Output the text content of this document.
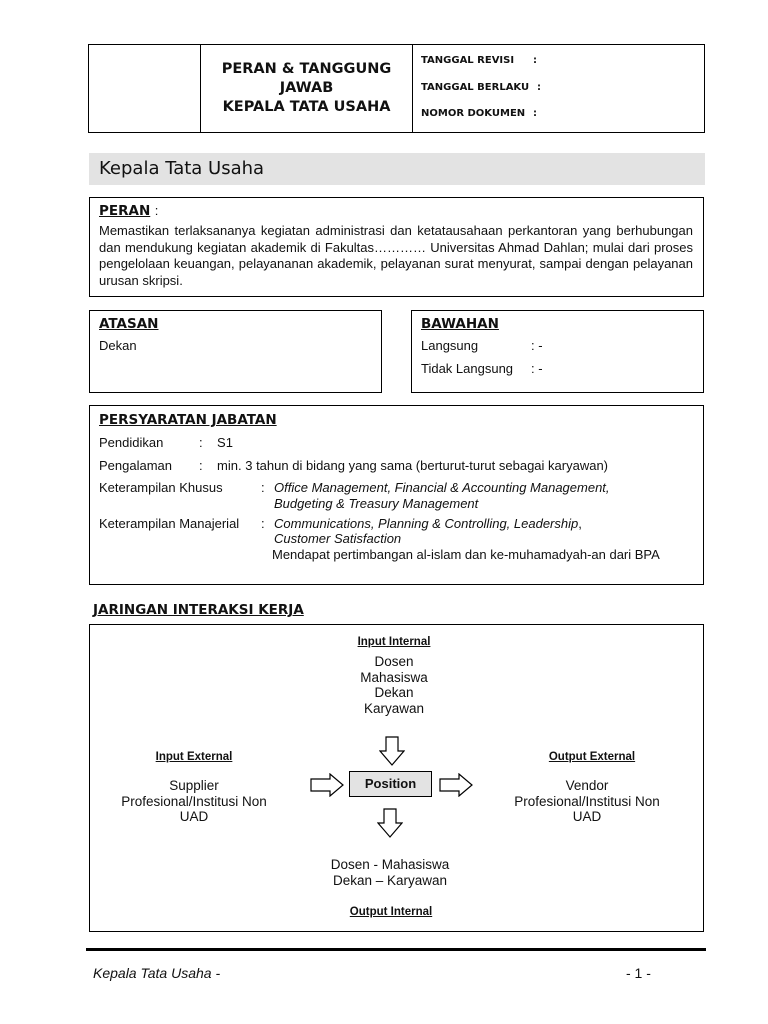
PERAN & TANGGUNG
JAWAB
KEPALA TATA USAHA
TANGGAL REVISI	:
TANGGAL BERLAKU :
NOMOR DOKUMEN :
Kepala Tata Usaha
PERAN :
Memastikan terlaksananya kegiatan administrasi dan ketatausahaan perkantoran yang berhubungan dan mendukung kegiatan akademik di Fakultas………… Universitas Ahmad Dahlan; mulai dari proses pengelolaan keuangan, pelayananan akademik, pelayanan surat menyurat, sampai dengan pelayanan urusan skripsi.
ATASAN
Dekan
BAWAHAN
Langsung	: -
Tidak Langsung	: -
PERSYARATAN JABATAN
Pendidikan	:    S1
Pengalaman :    min. 3 tahun di bidang yang sama (berturut-turut sebagai karyawan)
Keterampilan Khusus	: Office Management, Financial & Accounting Management,
Budgeting & Treasury Management
Keterampilan Manajerial : Communications, Planning & Controlling, Leadership,
Customer Satisfaction
Mendapat pertimbangan al-islam dan ke-muhamadyah-an dari BPA
JARINGAN INTERAKSI KERJA
Input Internal
Dosen
Mahasiswa
Dekan
Karyawan
Input External
Supplier
Profesional/Institusi Non
UAD
Output External
Vendor
Profesional/Institusi Non
UAD
Position
Dosen - Mahasiswa
Dekan – Karyawan
Output Internal
Kepala Tata Usaha -	- 1 -
